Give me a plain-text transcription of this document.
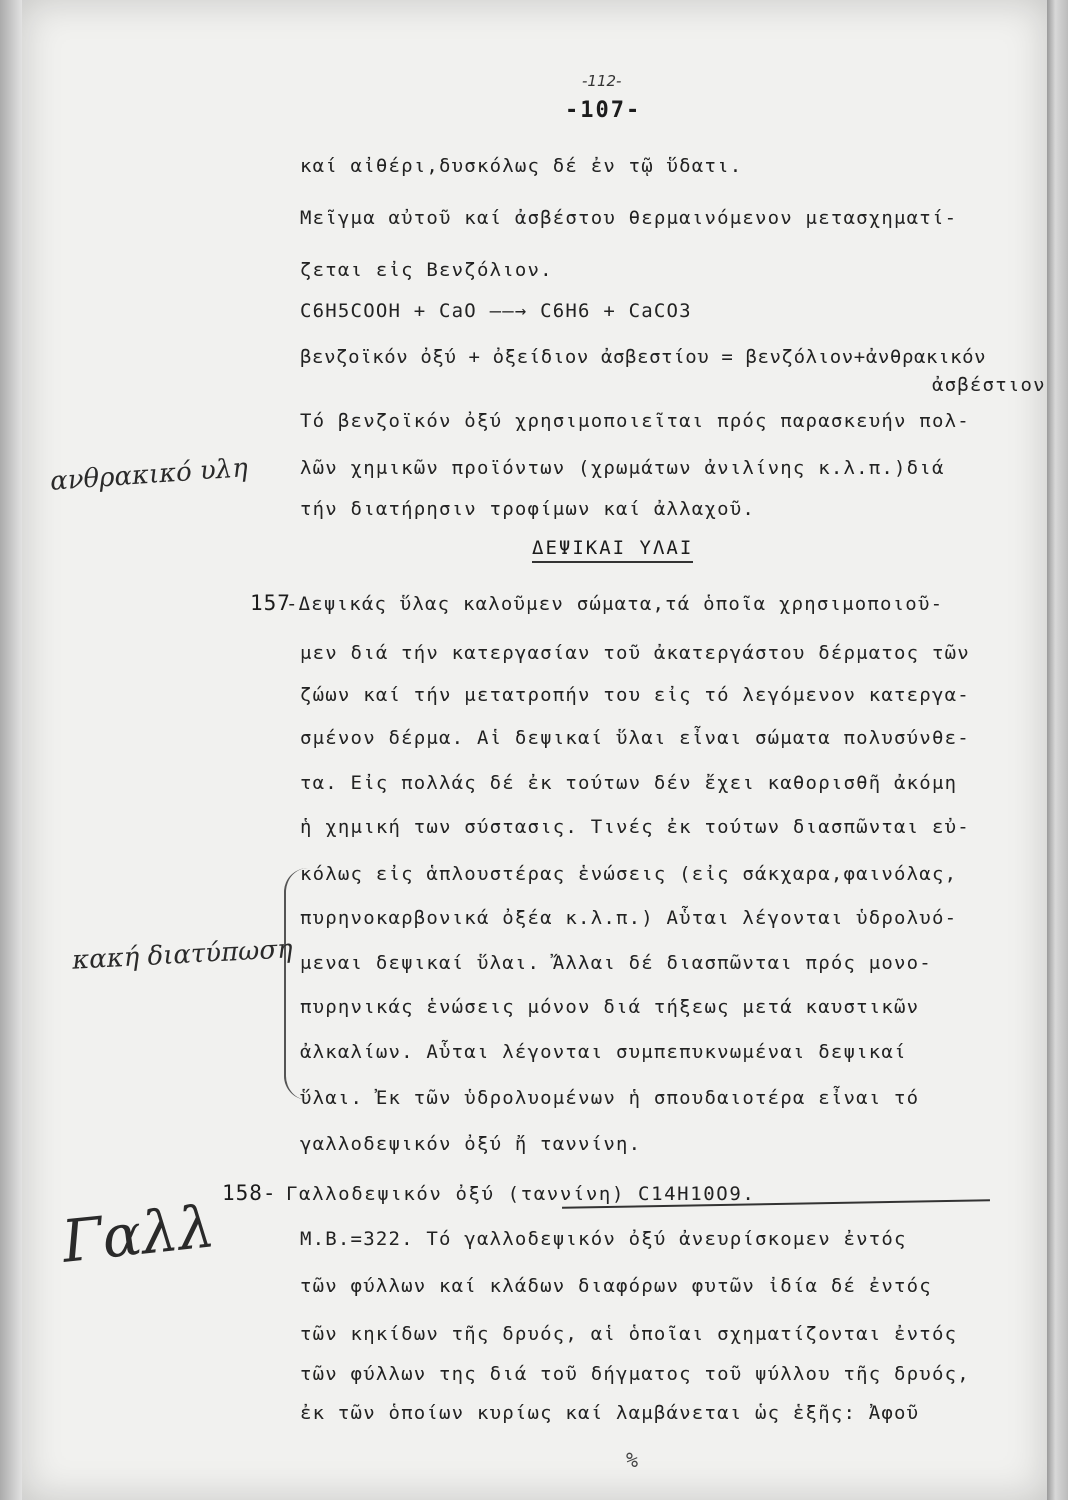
-112-
-107-
καί αἰθέρι,δυσκόλως δέ ἐν τῷ ὕδατι.
Μεῖγμα αὐτοῦ καί ἀσβέστου θερμαινόμενον μετασχηματί-
ζεται εἰς Βενζόλιον.
C6H5COOH + CaO ——→ C6H6 + CaCO3
βενζοϊκόν ὀξύ + ὀξείδιον ἀσβεστίου = βενζόλιον+ἀνθρακικόν
ἀσβέστιον
Τό βενζοϊκόν ὀξύ χρησιμοποιεῖται πρός παρασκευήν πολ-
λῶν χημικῶν προϊόντων (χρωμάτων ἀνιλίνης κ.λ.π.)διά
τήν διατήρησιν τροφίμων καί ἀλλαχοῦ.
ΔΕΨΙΚΑΙ ΥΛΑΙ
157
-Δεψικάς ὕλας καλοῦμεν σώματα,τά ὁποῖα χρησιμοποιοῦ-
μεν διά τήν κατεργασίαν τοῦ ἀκατεργάστου δέρματος τῶν
ζώων καί τήν μετατροπήν του εἰς τό λεγόμενον κατεργα-
σμένον δέρμα. Αἱ δεψικαί ὕλαι εἶναι σώματα πολυσύνθε-
τα. Εἰς πολλάς δέ ἐκ τούτων δέν ἔχει καθορισθῆ ἀκόμη
ἡ χημική των σύστασις. Τινές ἐκ τούτων διασπῶνται εὐ-
κόλως εἰς ἁπλουστέρας ἑνώσεις (εἰς σάκχαρα,φαινόλας,
πυρηνοκαρβονικά ὀξέα κ.λ.π.) Αὗται λέγονται ὑδρολυό-
μεναι δεψικαί ὕλαι. Ἄλλαι δέ διασπῶνται πρός μονο-
πυρηνικάς ἑνώσεις μόνον διά τήξεως μετά καυστικῶν
ἀλκαλίων. Αὗται λέγονται συμπεπυκνωμέναι δεψικαί
ὕλαι. Ἐκ τῶν ὑδρολυομένων ἡ σπουδαιοτέρα εἶναι τό
γαλλοδεψικόν ὀξύ ἤ ταννίνη.
158- Γαλλοδεψικόν ὀξύ (ταννίνη) C14H10O9.
Μ.Β.=322. Τό γαλλοδεψικόν ὀξύ ἀνευρίσκομεν ἐντός
τῶν φύλλων καί κλάδων διαφόρων φυτῶν ἰδία δέ ἐντός
τῶν κηκίδων τῆς δρυός, αἱ ὁποῖαι σχηματίζονται ἐντός
τῶν φύλλων της διά τοῦ δήγματος τοῦ ψύλλου τῆς δρυός,
ἐκ τῶν ὁποίων κυρίως καί λαμβάνεται ὡς ἑξῆς: Ἀφοῦ
ανθρακικό υλη
κακή διατύπωση
Γαλλ
%
